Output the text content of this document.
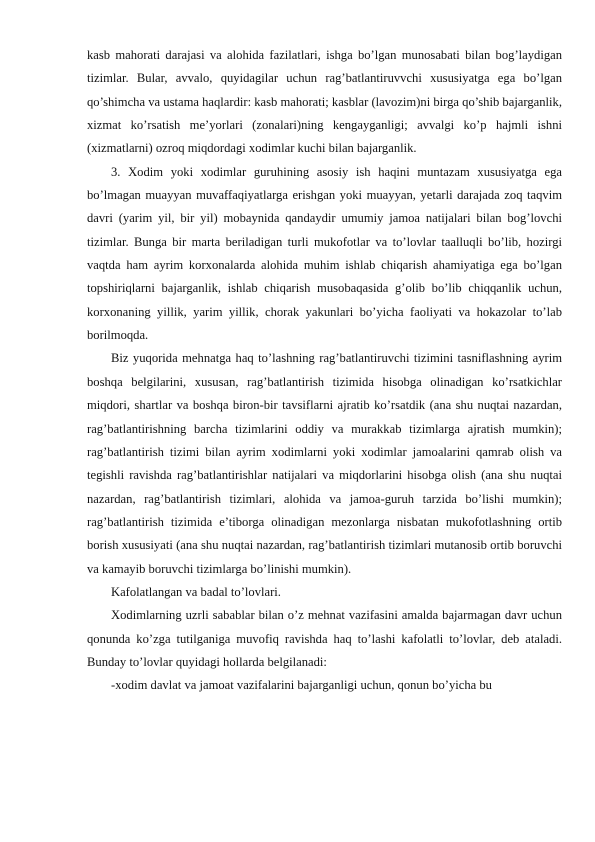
kasb mahorati darajasi va alohida fazilatlari, ishga bo’lgan munosabati bilan bog’laydigan tizimlar. Bular, avvalo, quyidagilar uchun rag’batlantiruvvchi xususiyatga ega bo’lgan qo’shimcha va ustama haqlardir: kasb mahorati; kasblar (lavozim)ni birga qo’shib bajarganlik, xizmat ko’rsatish me’yorlari (zonalari)ning kengayganligi; avvalgi ko’p hajmli ishni (xizmatlarni) ozroq miqdordagi xodimlar kuchi bilan bajarganlik.

3. Xodim yoki xodimlar guruhining asosiy ish haqini muntazam xususiyatga ega bo’lmagan muayyan muvaffaqiyatlarga erishgan yoki muayyan, yetarli darajada zoq taqvim davri (yarim yil, bir yil) mobaynida qandaydir umumiy jamoa natijalari bilan bog’lovchi tizimlar. Bunga bir marta beriladigan turli mukofotlar va to’lovlar taalluqli bo’lib, hozirgi vaqtda ham ayrim korxonalarda alohida muhim ishlab chiqarish ahamiyatiga ega bo’lgan topshiriqlarni bajarganlik, ishlab chiqarish musobaqasida g’olib bo’lib chiqqanlik uchun, korxonaning yillik, yarim yillik, chorak yakunlari bo’yicha faoliyati va hokazolar to’lab borilmoqda.

Biz yuqorida mehnatga haq to’lashning rag’batlantiruvchi tizimini tasniflashning ayrim boshqa belgilarini, xususan, rag’batlantirish tizimida hisobga olinadigan ko’rsatkichlar miqdori, shartlar va boshqa biron-bir tavsiflarni ajratib ko’rsatdik (ana shu nuqtai nazardan, rag’batlantirishning barcha tizimlarini oddiy va murakkab tizimlarga ajratish mumkin); rag’batlantirish tizimi bilan ayrim xodimlarni yoki xodimlar jamoalarini qamrab olish va tegishli ravishda rag’batlantirishlar natijalari va miqdorlarini hisobga olish (ana shu nuqtai nazardan, rag’batlantirish tizimlari, alohida va jamoa-guruh tarzida bo’lishi mumkin); rag’batlantirish tizimida e’tiborga olinadigan mezonlarga nisbatan mukofotlashning ortib borish xususiyati (ana shu nuqtai nazardan, rag’batlantirish tizimlari mutanosib ortib boruvchi va kamayib boruvchi tizimlarga bo’linishi mumkin).

Kafolatlangan va badal to’lovlari.

Xodimlarning uzrli sabablar bilan o’z mehnat vazifasini amalda bajarmagan davr uchun qonunda ko’zga tutilganiga muvofiq ravishda haq to’lashi kafolatli to’lovlar, deb ataladi. Bunday to’lovlar quyidagi hollarda belgilanadi:

-xodim davlat va jamoat vazifalarini bajarganligi uchun, qonun bo’yicha bu
